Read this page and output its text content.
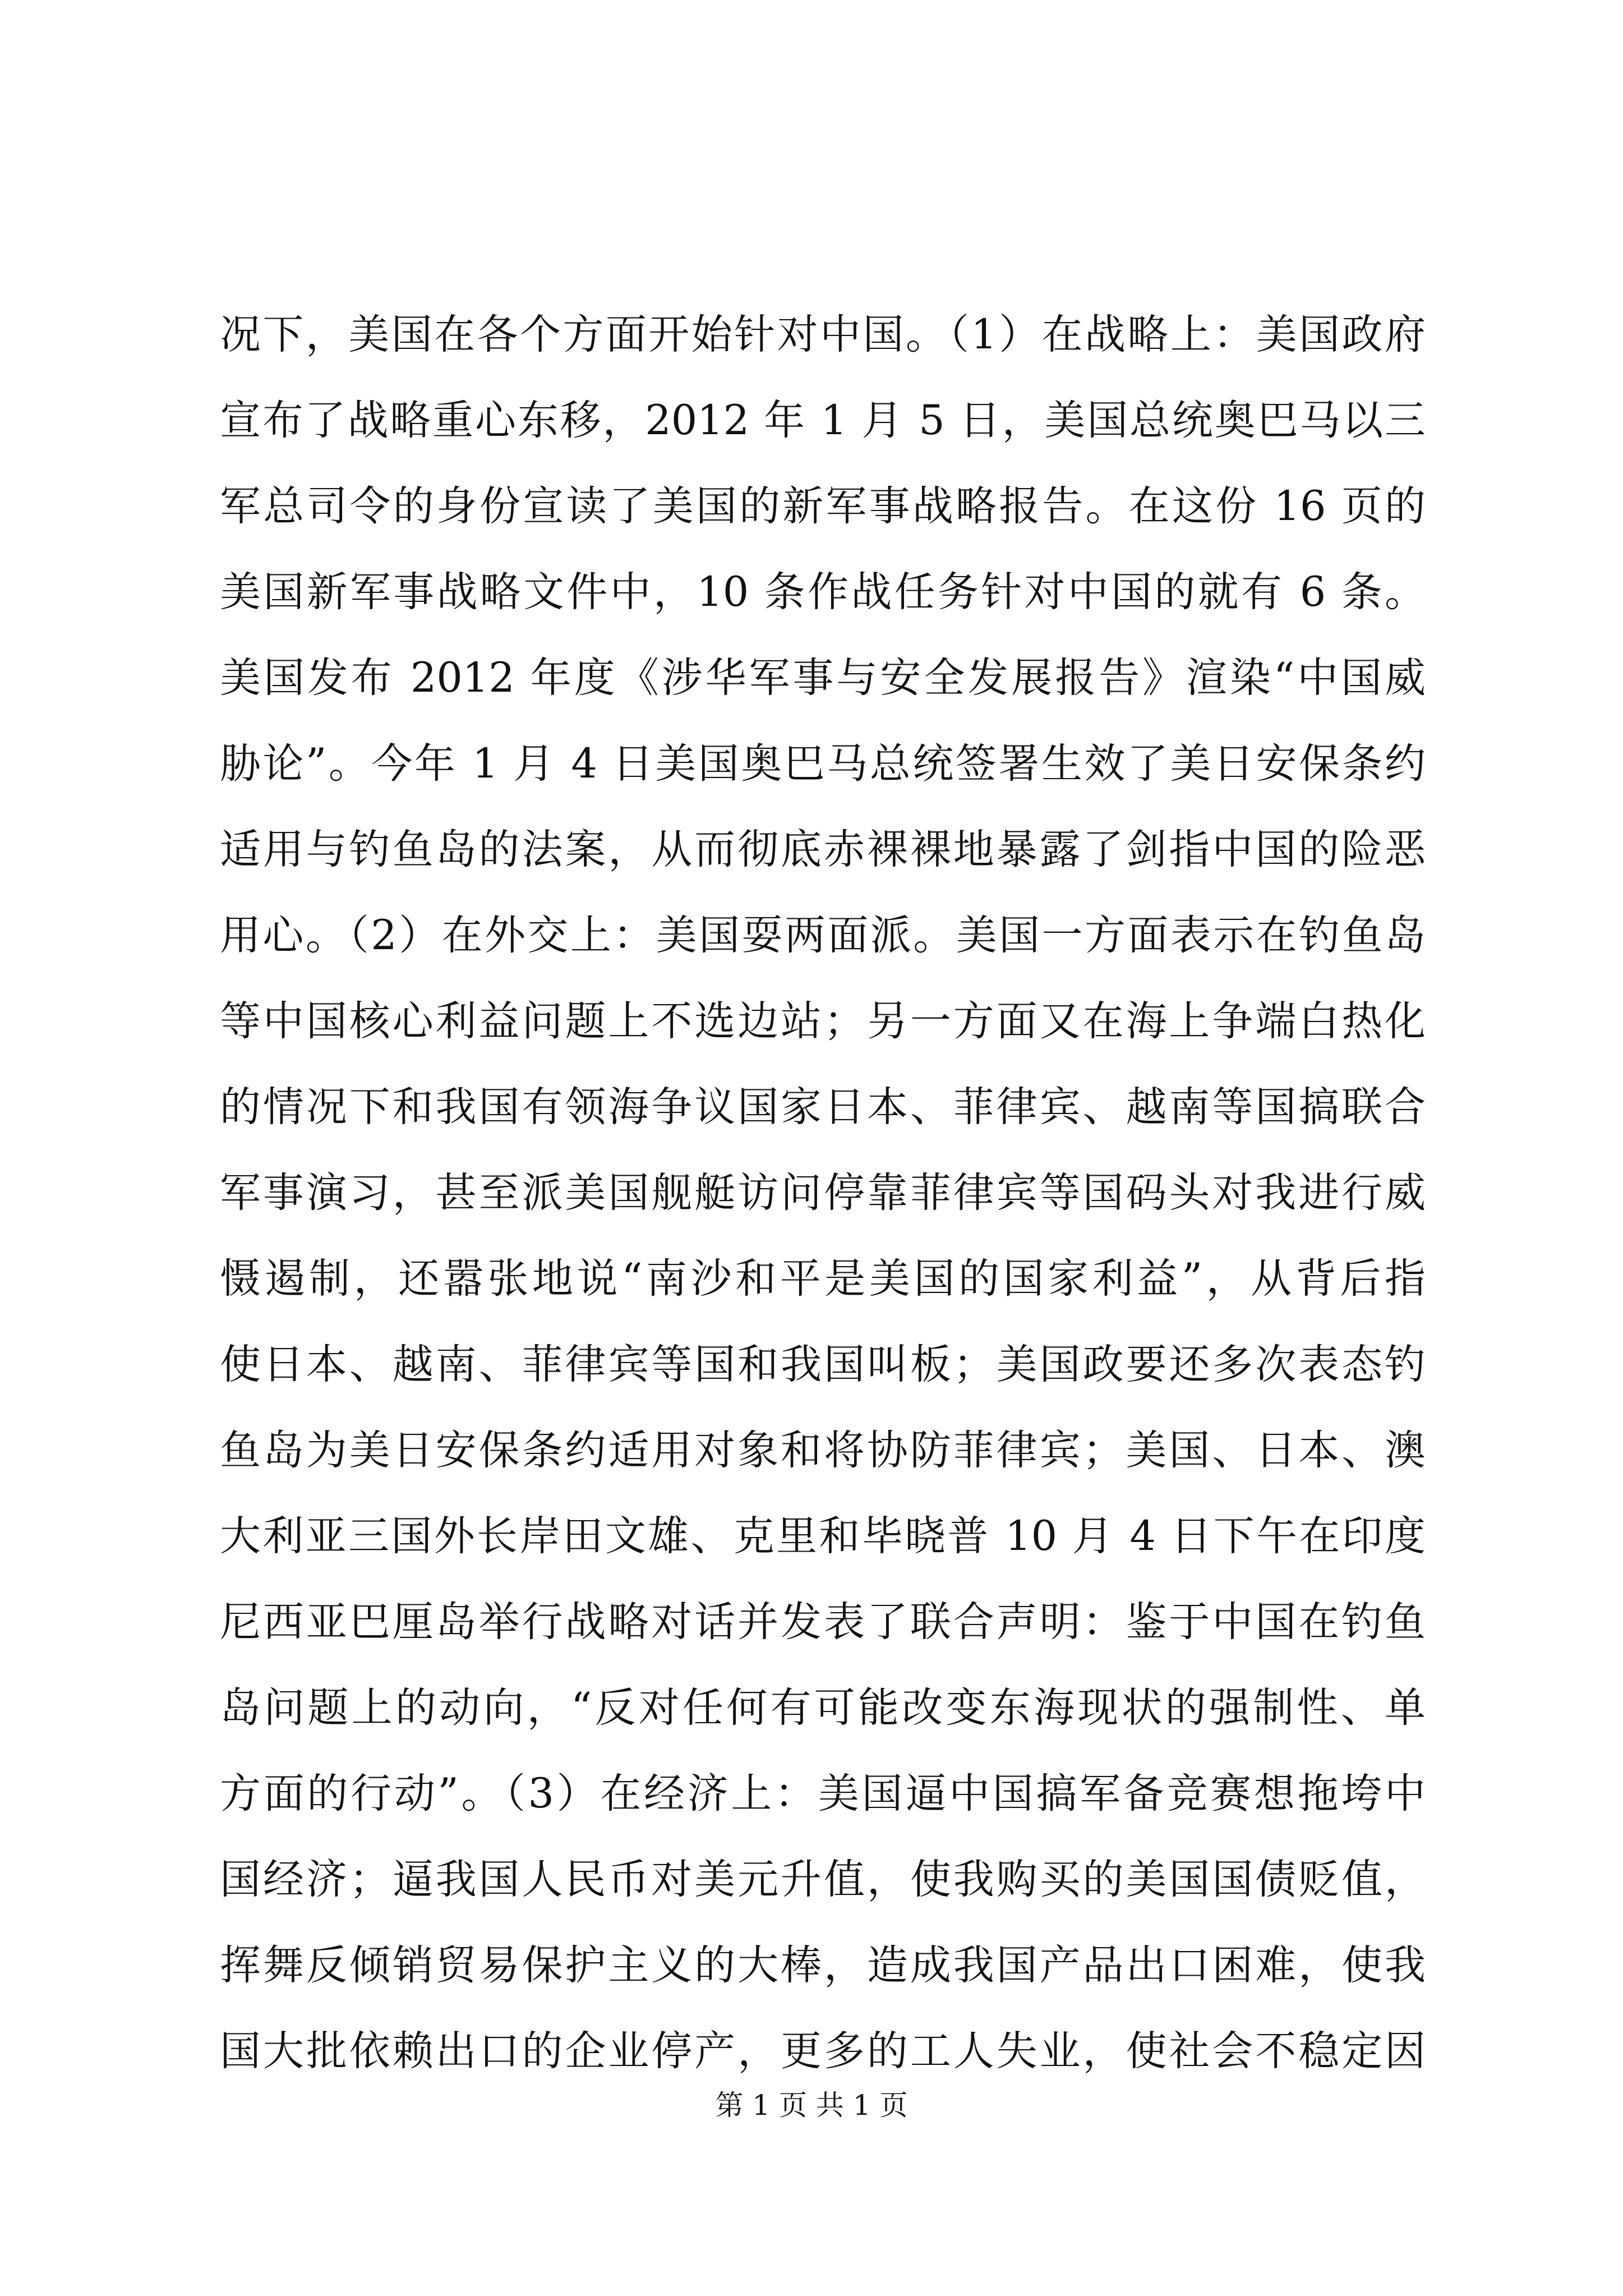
况下，美国在各个方面开始针对中国。（1）在战略上：美国政府
宣布了战略重心东移，2012 年 1 月 5 日，美国总统奥巴马以三
军总司令的身份宣读了美国的新军事战略报告。在这份 16 页的
美国新军事战略文件中，10 条作战任务针对中国的就有 6 条。
美国发布 2012 年度《涉华军事与安全发展报告》渲染“中国威
胁论”。今年 1 月 4 日美国奥巴马总统签署生效了美日安保条约
适用与钓鱼岛的法案，从而彻底赤裸裸地暴露了剑指中国的险恶
用心。（2）在外交上：美国耍两面派。美国一方面表示在钓鱼岛
等中国核心利益问题上不选边站；另一方面又在海上争端白热化
的情况下和我国有领海争议国家日本、菲律宾、越南等国搞联合
军事演习，甚至派美国舰艇访问停靠菲律宾等国码头对我进行威
慑遏制，还嚣张地说“南沙和平是美国的国家利益”，从背后指
使日本、越南、菲律宾等国和我国叫板；美国政要还多次表态钓
鱼岛为美日安保条约适用对象和将协防菲律宾；美国、日本、澳
大利亚三国外长岸田文雄、克里和毕晓普 10 月 4 日下午在印度
尼西亚巴厘岛举行战略对话并发表了联合声明：鉴于中国在钓鱼
岛问题上的动向，“反对任何有可能改变东海现状的强制性、单
方面的行动”。（3）在经济上：美国逼中国搞军备竞赛想拖垮中
国经济；逼我国人民币对美元升值，使我购买的美国国债贬值，
挥舞反倾销贸易保护主义的大棒，造成我国产品出口困难，使我
国大批依赖出口的企业停产，更多的工人失业，使社会不稳定因
第 1 页 共 1 页
